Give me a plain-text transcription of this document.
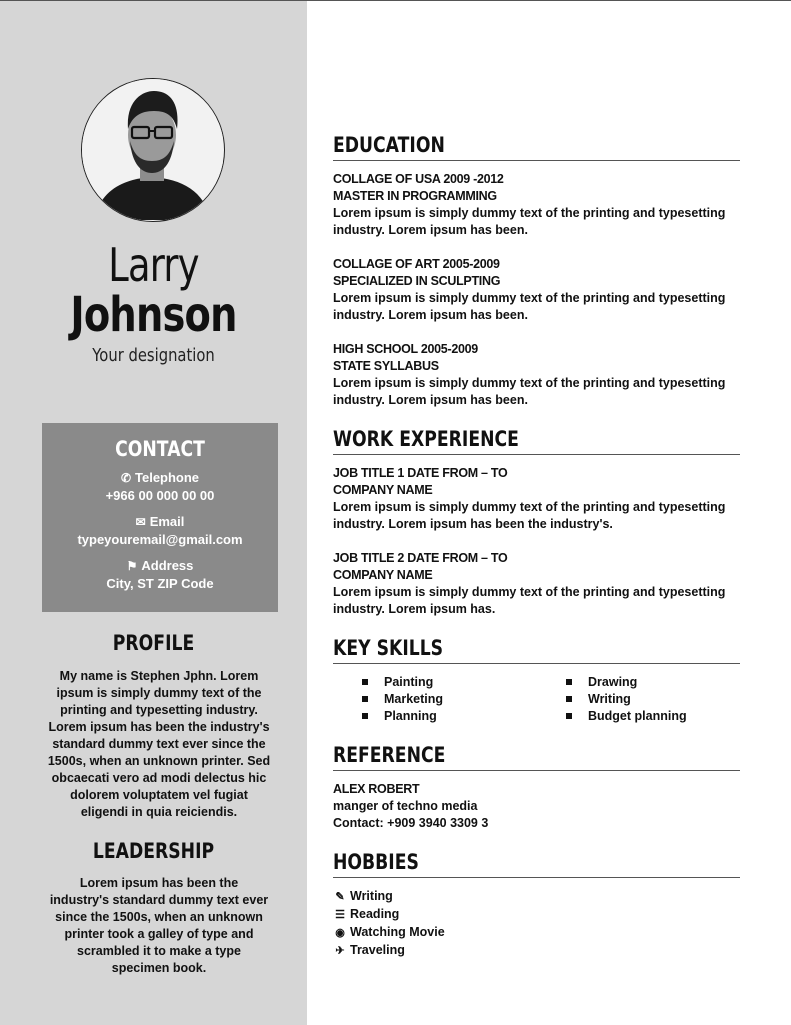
Larry
Johnson
Your designation
CONTACT
✆ Telephone
+966 00 000 00 00
✉ Email
typeyouremail@gmail.com
⚑ Address
City, ST ZIP Code
PROFILE
My name is Stephen Jphn. Lorem ipsum is simply dummy text of the printing and typesetting industry. Lorem ipsum has been the industry's standard dummy text ever since the 1500s, when an unknown printer. Sed obcaecati vero ad modi delectus hic dolorem voluptatem vel fugiat eligendi in quia reiciendis.
LEADERSHIP
Lorem ipsum has been the industry's standard dummy text ever since the 1500s, when an unknown printer took a galley of type and scrambled it to make a type specimen book.
EDUCATION
COLLAGE OF USA 2009 -2012
MASTER IN PROGRAMMING
Lorem ipsum is simply dummy text of the printing and typesetting industry. Lorem ipsum has been.
COLLAGE OF ART 2005-2009
SPECIALIZED IN SCULPTING
Lorem ipsum is simply dummy text of the printing and typesetting industry. Lorem ipsum has been.
HIGH SCHOOL 2005-2009
STATE SYLLABUS
Lorem ipsum is simply dummy text of the printing and typesetting industry. Lorem ipsum has been.
WORK EXPERIENCE
JOB TITLE 1 DATE FROM – TO
COMPANY NAME
Lorem ipsum is simply dummy text of the printing and typesetting industry. Lorem ipsum has been the industry's.
JOB TITLE 2 DATE FROM – TO
COMPANY NAME
Lorem ipsum is simply dummy text of the printing and typesetting industry. Lorem ipsum has.
KEY SKILLS
Painting
Marketing
Planning
Drawing
Writing
Budget planning
REFERENCE
ALEX ROBERT
manger of techno media
Contact: +909 3940 3309 3
HOBBIES
✎ Writing
☰ Reading
◉ Watching Movie
✈ Traveling
